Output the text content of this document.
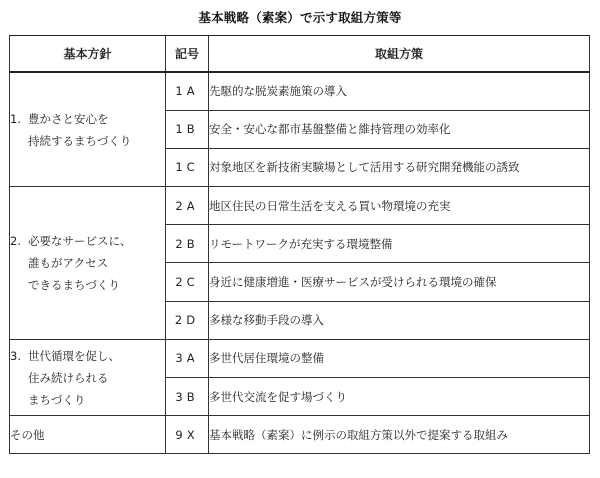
基本戦略（素案）で示す取組方策等
基本方針	記号	取組方策
1. 豊かさと安心を
持続するまちづくり	1A	先駆的な脱炭素施策の導入
	1B	安全・安心な都市基盤整備と維持管理の効率化
	1C	対象地区を新技術実験場として活用する研究開発機能の誘致
2. 必要なサービスに、
誰もがアクセス
できるまちづくり	2A	地区住民の日常生活を支える買い物環境の充実
	2B	リモートワークが充実する環境整備
	2C	身近に健康増進・医療サービスが受けられる環境の確保
	2D	多様な移動手段の導入
3. 世代循環を促し、
住み続けられる
まちづくり	3A	多世代居住環境の整備
	3B	多世代交流を促す場づくり
その他	9X	基本戦略（素案）に例示の取組方策以外で提案する取組み
